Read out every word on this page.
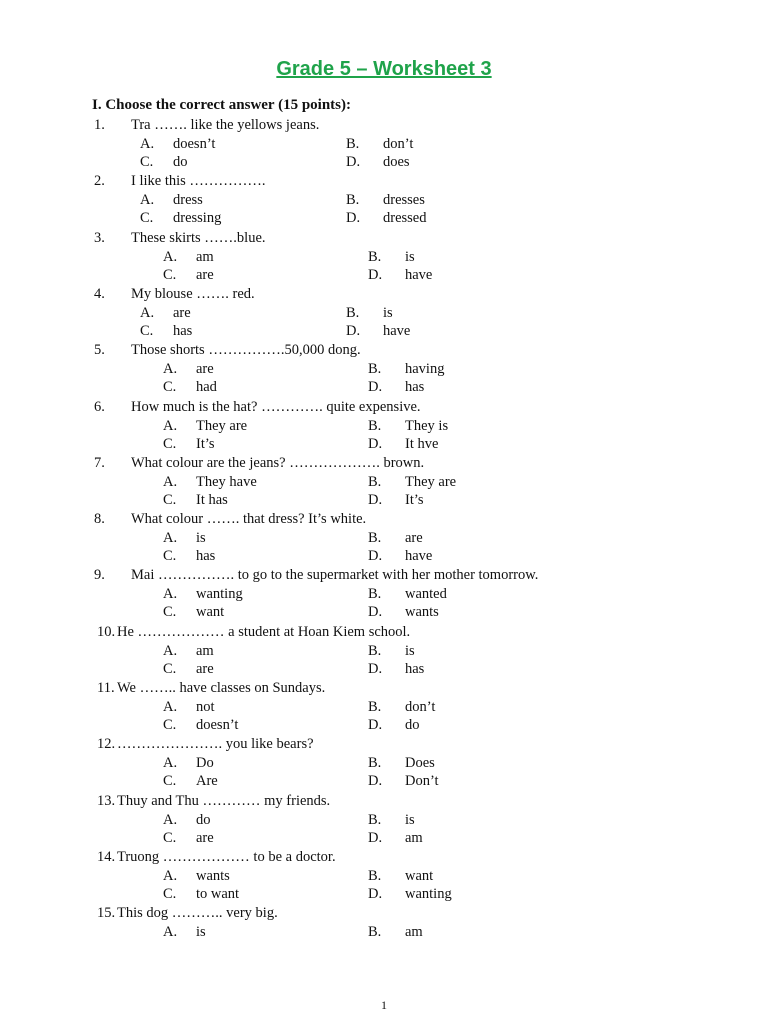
Grade 5 – Worksheet 3
I. Choose the correct answer (15 points):
1. Tra ……. like the yellows jeans.
A. doesn’t	B. don’t
C. do	D. does
2. I like this …………….
A. dress	B. dresses
C. dressing	D. dressed
3. These skirts …….blue.
A. am	B. is
C. are	D. have
4. My blouse ……. red.
A. are	B. is
C. has	D. have
5. Those shorts …………….50,000 dong.
A. are	B. having
C. had	D. has
6. How much is the hat? …………. quite expensive.
A. They are	B. They is
C. It’s	D. It hve
7. What colour are the jeans? ………………. brown.
A. They have	B. They are
C. It has	D. It’s
8. What colour ……. that dress? It’s white.
A. is	B. are
C. has	D. have
9. Mai ……………. to go to the supermarket with her mother tomorrow.
A. wanting	B. wanted
C. want	D. wants
10. He ……………… a student at Hoan Kiem school.
A. am	B. is
C. are	D. has
11. We …….. have classes on Sundays.
A. not	B. don’t
C. doesn’t	D. do
12. …………………. you like bears?
A. Do	B. Does
C. Are	D. Don’t
13. Thuy and Thu ………… my friends.
A. do	B. is
C. are	D. am
14. Truong ……………… to be a doctor.
A. wants	B. want
C. to want	D. wanting
15. This dog ……….. very big.
A. is	B. am
1
